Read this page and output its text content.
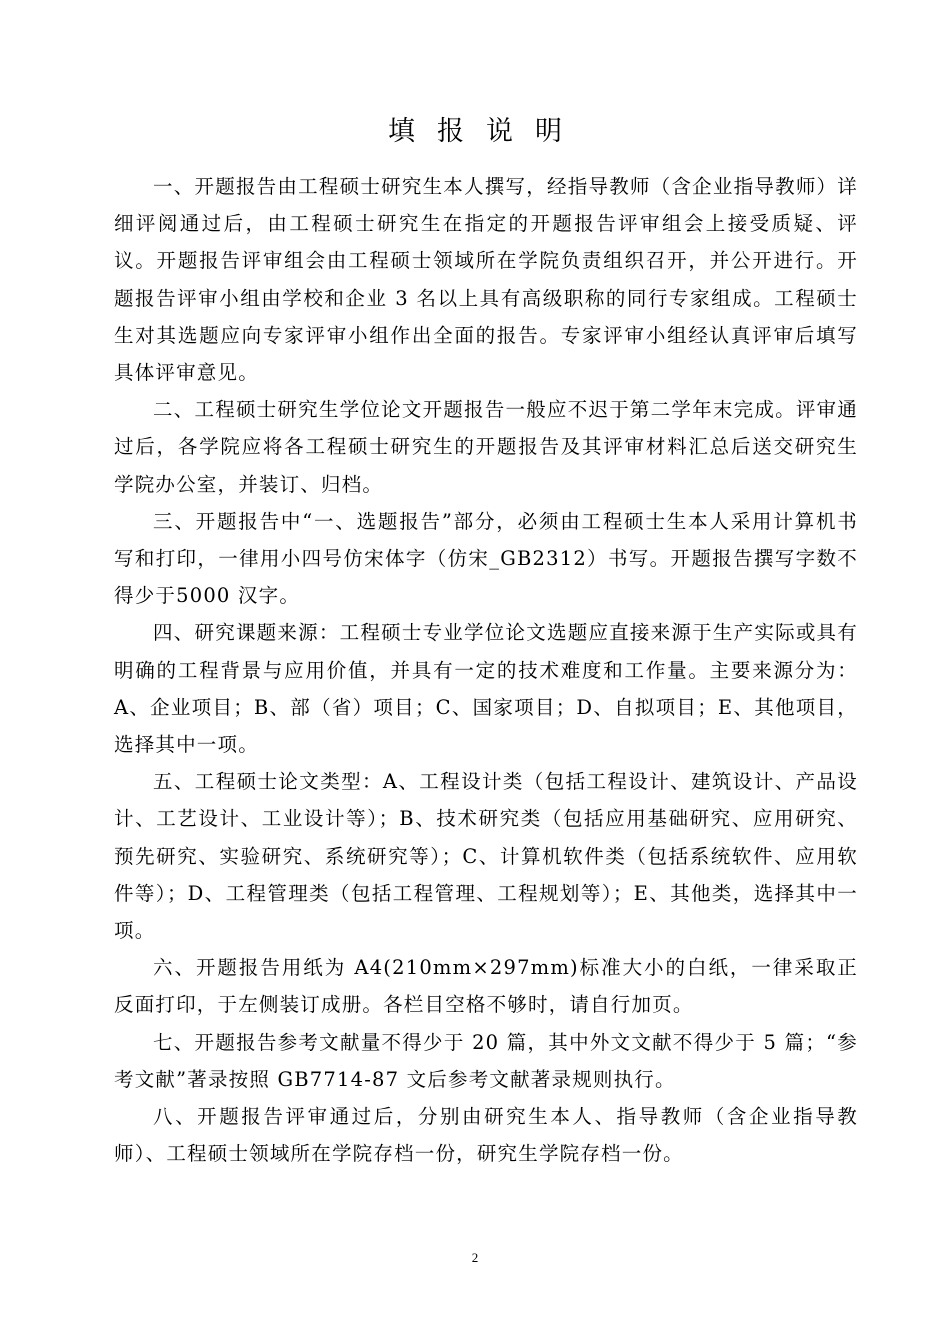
填报说明

一、开题报告由工程硕士研究生本人撰写，经指导教师（含企业指导教师）详细评阅通过后，由工程硕士研究生在指定的开题报告评审组会上接受质疑、评议。开题报告评审组会由工程硕士领域所在学院负责组织召开，并公开进行。开题报告评审小组由学校和企业 3 名以上具有高级职称的同行专家组成。工程硕士生对其选题应向专家评审小组作出全面的报告。专家评审小组经认真评审后填写具体评审意见。

二、工程硕士研究生学位论文开题报告一般应不迟于第二学年末完成。评审通过后，各学院应将各工程硕士研究生的开题报告及其评审材料汇总后送交研究生学院办公室，并装订、归档。

三、开题报告中“一、选题报告”部分，必须由工程硕士生本人采用计算机书写和打印，一律用小四号仿宋体字（仿宋_GB2312）书写。开题报告撰写字数不得少于5000 汉字。

四、研究课题来源：工程硕士专业学位论文选题应直接来源于生产实际或具有明确的工程背景与应用价值，并具有一定的技术难度和工作量。主要来源分为：A、企业项目；B、部（省）项目；C、国家项目；D、自拟项目；E、其他项目，选择其中一项。

五、工程硕士论文类型：A、工程设计类（包括工程设计、建筑设计、产品设计、工艺设计、工业设计等）；B、技术研究类（包括应用基础研究、应用研究、预先研究、实验研究、系统研究等）；C、计算机软件类（包括系统软件、应用软件等）；D、工程管理类（包括工程管理、工程规划等）；E、其他类，选择其中一项。

六、开题报告用纸为 A4(210mm×297mm)标准大小的白纸，一律采取正反面打印，于左侧装订成册。各栏目空格不够时，请自行加页。

七、开题报告参考文献量不得少于 20 篇，其中外文文献不得少于 5 篇；“参考文献”著录按照 GB7714-87 文后参考文献著录规则执行。

八、开题报告评审通过后，分别由研究生本人、指导教师（含企业指导教师）、工程硕士领域所在学院存档一份，研究生学院存档一份。

2
